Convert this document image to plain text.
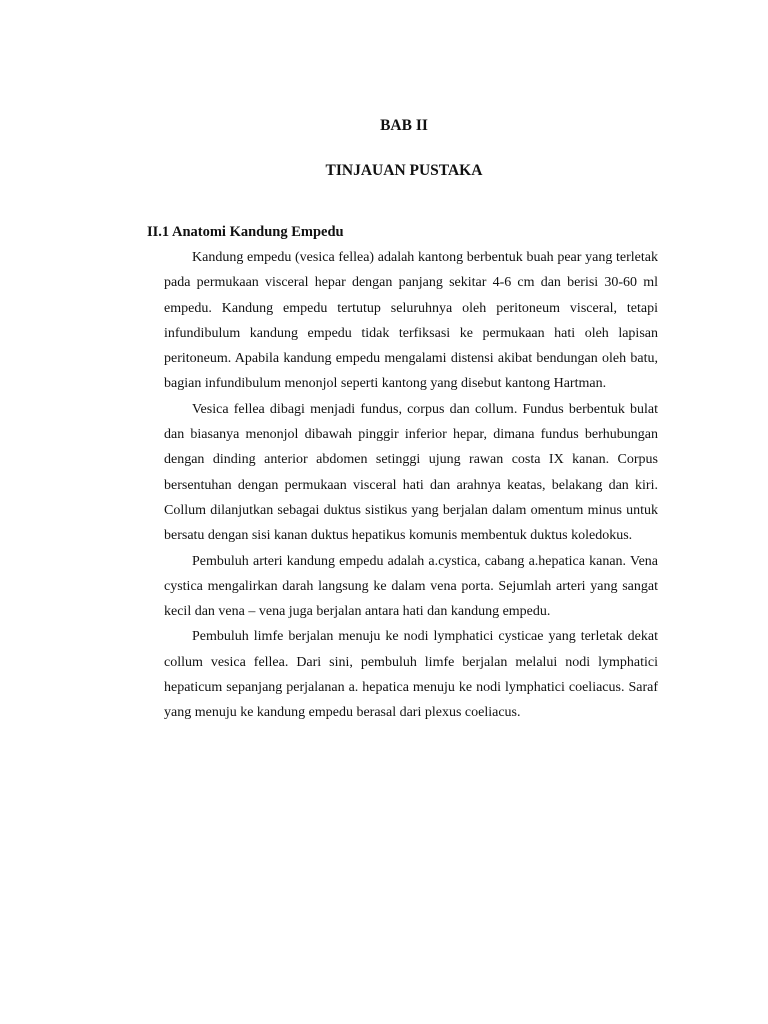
BAB II
TINJAUAN PUSTAKA
II.1 Anatomi Kandung Empedu

Kandung empedu (vesica fellea) adalah kantong berbentuk buah pear yang terletak pada permukaan visceral hepar dengan panjang sekitar 4-6 cm dan berisi 30-60 ml empedu. Kandung empedu tertutup seluruhnya oleh peritoneum visceral, tetapi infundibulum kandung empedu tidak terfiksasi ke permukaan hati oleh lapisan peritoneum. Apabila kandung empedu mengalami distensi akibat bendungan oleh batu, bagian infundibulum menonjol seperti kantong yang disebut kantong Hartman.

Vesica fellea dibagi menjadi fundus, corpus dan collum. Fundus berbentuk bulat dan biasanya menonjol dibawah pinggir inferior hepar, dimana fundus berhubungan dengan dinding anterior abdomen setinggi ujung rawan costa IX kanan. Corpus bersentuhan dengan permukaan visceral hati dan arahnya keatas, belakang dan kiri. Collum dilanjutkan sebagai duktus sistikus yang berjalan dalam omentum minus untuk bersatu dengan sisi kanan duktus hepatikus komunis membentuk duktus koledokus.

Pembuluh arteri kandung empedu adalah a.cystica, cabang a.hepatica kanan. Vena cystica mengalirkan darah langsung ke dalam vena porta. Sejumlah arteri yang sangat kecil dan vena – vena juga berjalan antara hati dan kandung empedu.

Pembuluh limfe berjalan menuju ke nodi lymphatici cysticae yang terletak dekat collum vesica fellea. Dari sini, pembuluh limfe berjalan melalui nodi lymphatici hepaticum sepanjang perjalanan a. hepatica menuju ke nodi lymphatici coeliacus. Saraf yang menuju ke kandung empedu berasal dari plexus coeliacus.
